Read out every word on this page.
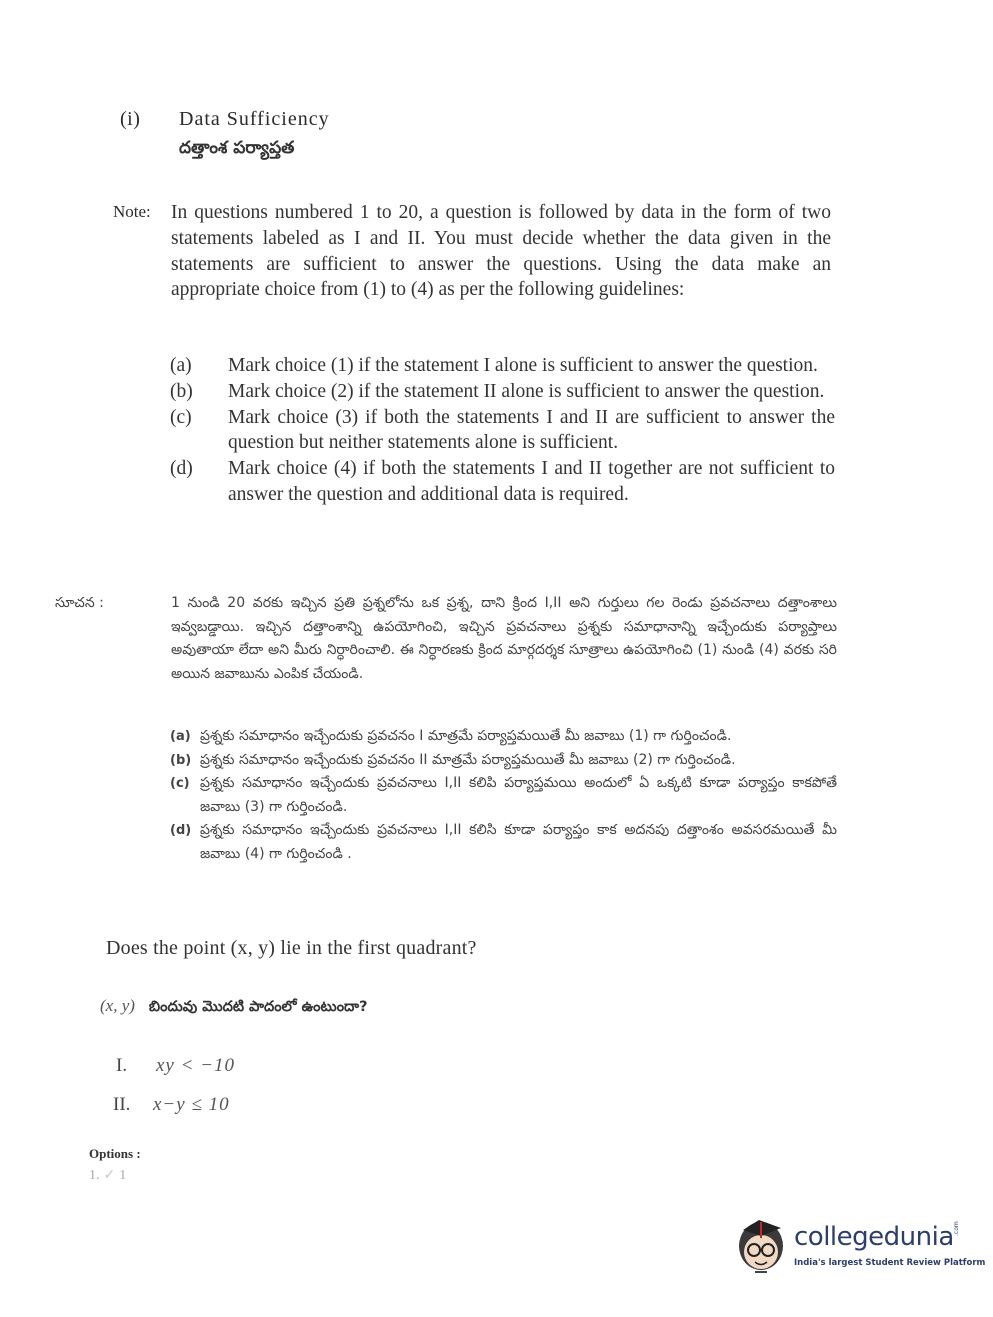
(i) Data Sufficiency
దత్తాంశ పర్యాప్తత
Note: In questions numbered 1 to 20, a question is followed by data in the form of two statements labeled as I and II. You must decide whether the data given in the statements are sufficient to answer the questions. Using the data make an appropriate choice from (1) to (4) as per the following guidelines:
(a)	Mark choice (1) if the statement I alone is sufficient to answer the question.
(b)	Mark choice (2) if the statement II alone is sufficient to answer the question.
(c)	Mark choice (3) if both the statements I and II are sufficient to answer the question but neither statements alone is sufficient.
(d)	Mark choice (4) if both the statements I and II together are not sufficient to answer the question and additional data is required.
సూచన :	1 నుండి 20 వరకు ఇచ్చిన ప్రతి ప్రశ్నలోను ఒక ప్రశ్న, దాని క్రింద I,II అని గుర్తులు గల రెండు ప్రవచనాలు దత్తాంశాలు ఇవ్వబడ్డాయి. ఇచ్చిన దత్తాంశాన్ని ఉపయోగించి, ఇచ్చిన ప్రవచనాలు ప్రశ్నకు సమాధానాన్ని ఇచ్చేందుకు పర్యాప్తాలు అవుతాయా లేదా అని మీరు నిర్ధారించాలి. ఈ నిర్ధారణకు క్రింద మార్గదర్శక సూత్రాలు ఉపయోగించి (1) నుండి (4) వరకు సరి అయిన జవాబును ఎంపిక చేయండి.
(a) ప్రశ్నకు సమాధానం ఇచ్చేందుకు ప్రవచనం I మాత్రమే పర్యాప్తమయితే మీ జవాబు (1) గా గుర్తించండి.
(b) ప్రశ్నకు సమాధానం ఇచ్చేందుకు ప్రవచనం II మాత్రమే పర్యాప్తమయితే మీ జవాబు (2) గా గుర్తించండి.
(c) ప్రశ్నకు సమాధానం ఇచ్చేందుకు ప్రవచనాలు I,II కలిపి పర్యాప్తమయి అందులో ఏ ఒక్కటి కూడా పర్యాప్తం కాకపోతే జవాబు (3) గా గుర్తించండి.
(d) ప్రశ్నకు సమాధానం ఇచ్చేందుకు ప్రవచనాలు I,II కలిసి కూడా పర్యాప్తం కాక అదనపు దత్తాంశం అవసరమయితే మీ జవాబు (4) గా గుర్తించండి .
Does the point (x, y) lie in the first quadrant?
(x, y) బిందువు మొదటి పాదంలో ఉంటుందా?
I.	xy < −10
II.	x−y ≤ 10
Options :
1. ✓ 1
collegedunia .com
India's largest Student Review Platform
